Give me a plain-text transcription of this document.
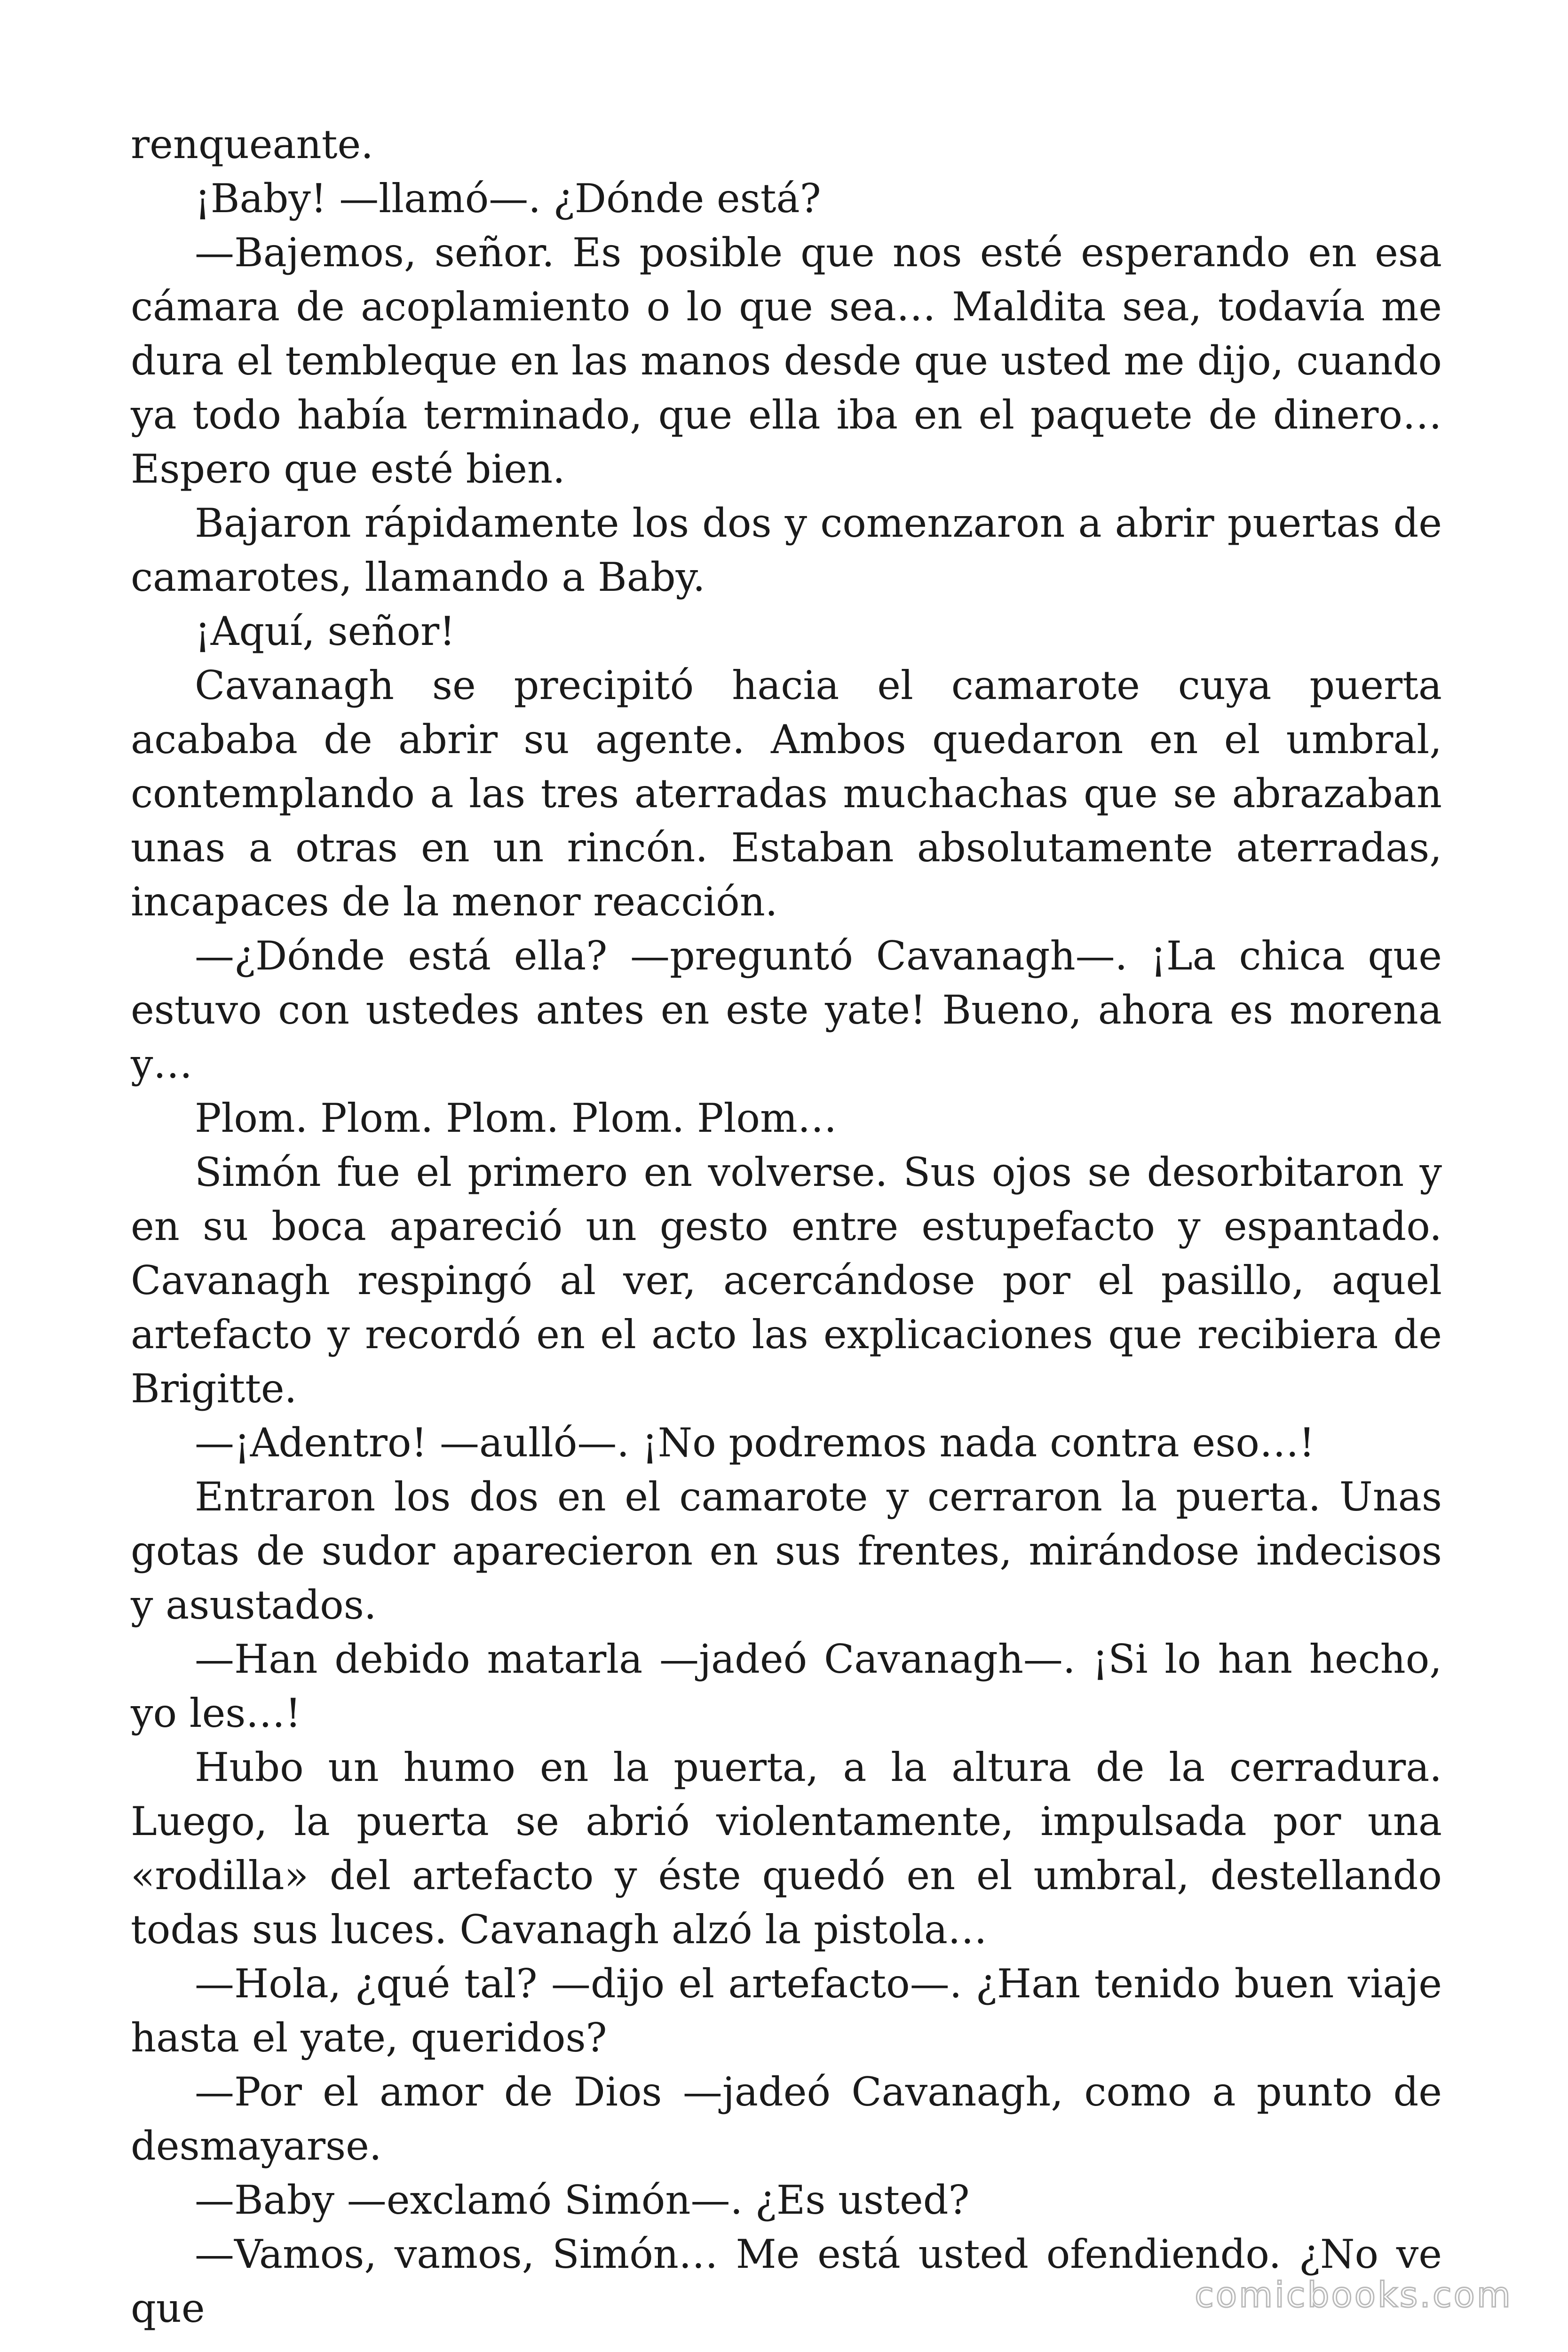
renqueante.

¡Baby! —llamó—. ¿Dónde está?

—Bajemos, señor. Es posible que nos esté esperando en esa cámara de acoplamiento o lo que sea… Maldita sea, todavía me dura el tembleque en las manos desde que usted me dijo, cuando ya todo había terminado, que ella iba en el paquete de dinero… Espero que esté bien.

Bajaron rápidamente los dos y comenzaron a abrir puertas de camarotes, llamando a Baby.

¡Aquí, señor!

Cavanagh se precipitó hacia el camarote cuya puerta acababa de abrir su agente. Ambos quedaron en el umbral, contemplando a las tres aterradas muchachas que se abrazaban unas a otras en un rincón. Estaban absolutamente aterradas, incapaces de la menor reacción.

—¿Dónde está ella? —preguntó Cavanagh—. ¡La chica que estuvo con ustedes antes en este yate! Bueno, ahora es morena y…

Plom. Plom. Plom. Plom. Plom…

Simón fue el primero en volverse. Sus ojos se desorbitaron y en su boca apareció un gesto entre estupefacto y espantado. Cavanagh respingó al ver, acercándose por el pasillo, aquel artefacto y recordó en el acto las explicaciones que recibiera de Brigitte.

—¡Adentro! —aulló—. ¡No podremos nada contra eso…!

Entraron los dos en el camarote y cerraron la puerta. Unas gotas de sudor aparecieron en sus frentes, mirándose indecisos y asustados.

—Han debido matarla —jadeó Cavanagh—. ¡Si lo han hecho, yo les…!

Hubo un humo en la puerta, a la altura de la cerradura. Luego, la puerta se abrió violentamente, impulsada por una «rodilla» del artefacto y éste quedó en el umbral, destellando todas sus luces. Cavanagh alzó la pistola…

—Hola, ¿qué tal? —dijo el artefacto—. ¿Han tenido buen viaje hasta el yate, queridos?

—Por el amor de Dios —jadeó Cavanagh, como a punto de desmayarse.

—Baby —exclamó Simón—. ¿Es usted?

—Vamos, vamos, Simón… Me está usted ofendiendo. ¿No ve que	comicbooks.com
